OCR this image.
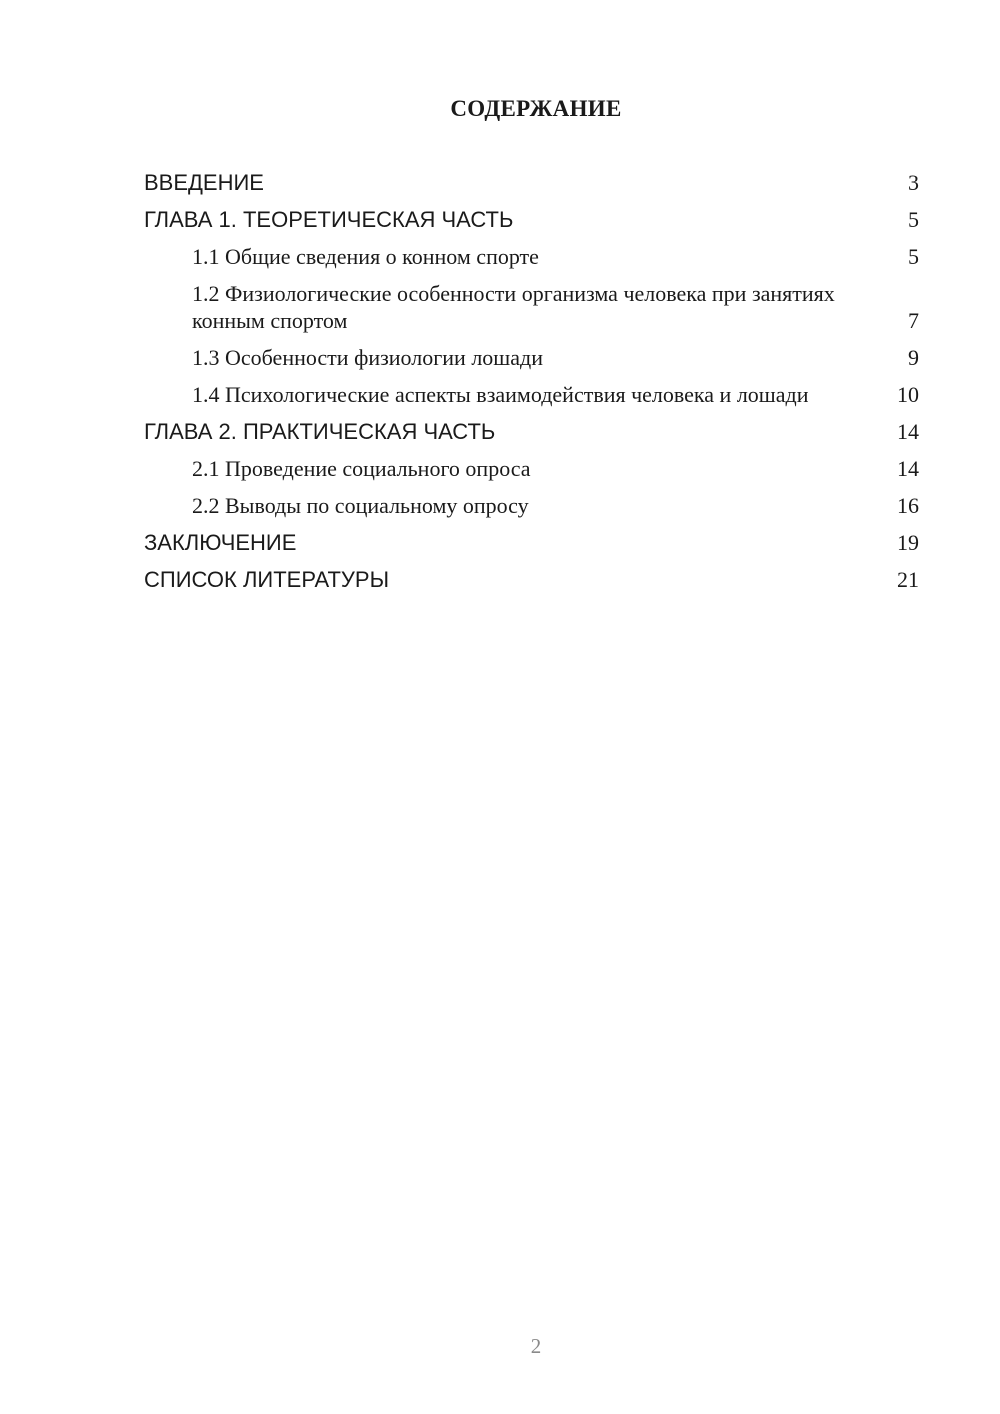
СОДЕРЖАНИЕ
ВВЕДЕНИЕ	3
ГЛАВА 1. ТЕОРЕТИЧЕСКАЯ ЧАСТЬ	5
1.1 Общие сведения о конном спорте	5
1.2 Физиологические особенности организма человека при занятиях конным спортом	7
1.3 Особенности физиологии лошади	9
1.4 Психологические аспекты взаимодействия человека и лошади	10
ГЛАВА 2. ПРАКТИЧЕСКАЯ ЧАСТЬ	14
2.1 Проведение социального опроса	14
2.2 Выводы по социальному опросу	16
ЗАКЛЮЧЕНИЕ	19
СПИСОК ЛИТЕРАТУРЫ	21
2
